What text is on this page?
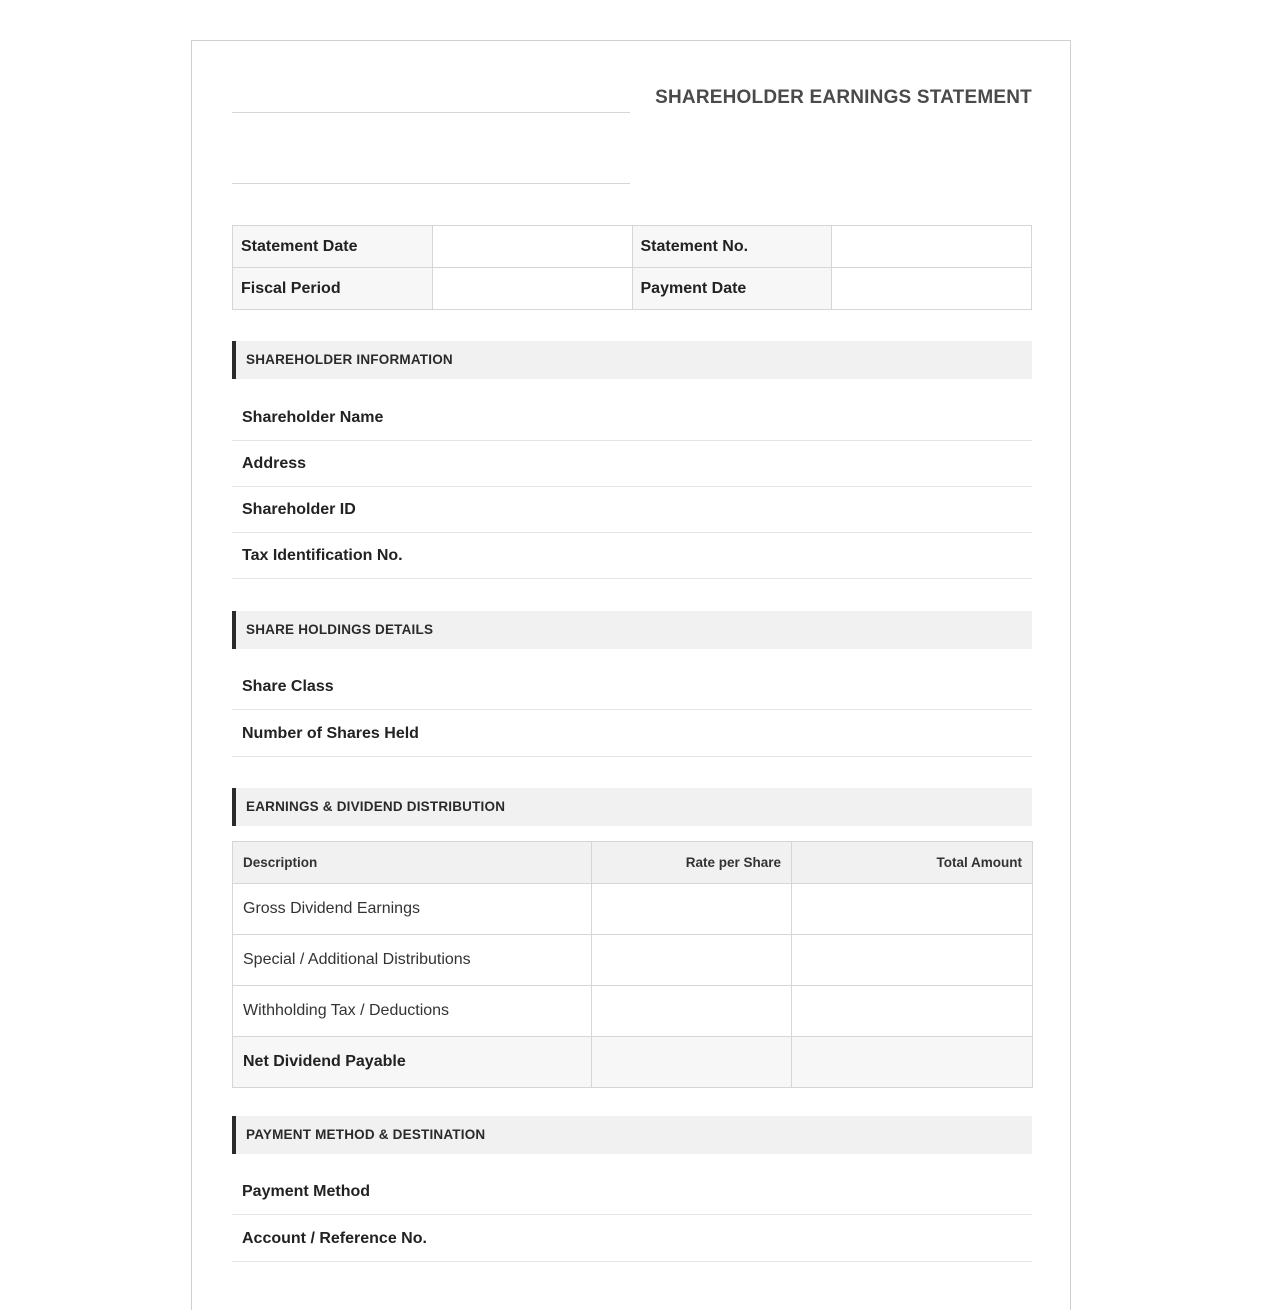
SHAREHOLDER EARNINGS STATEMENT
Statement Date		Statement No.	
Fiscal Period		Payment Date	
SHAREHOLDER INFORMATION
Shareholder Name
Address
Shareholder ID
Tax Identification No.
SHARE HOLDINGS DETAILS
Share Class
Number of Shares Held
EARNINGS & DIVIDEND DISTRIBUTION
Description	Rate per Share	Total Amount
Gross Dividend Earnings		
Special / Additional Distributions		
Withholding Tax / Deductions		
Net Dividend Payable		
PAYMENT METHOD & DESTINATION
Payment Method
Account / Reference No.
